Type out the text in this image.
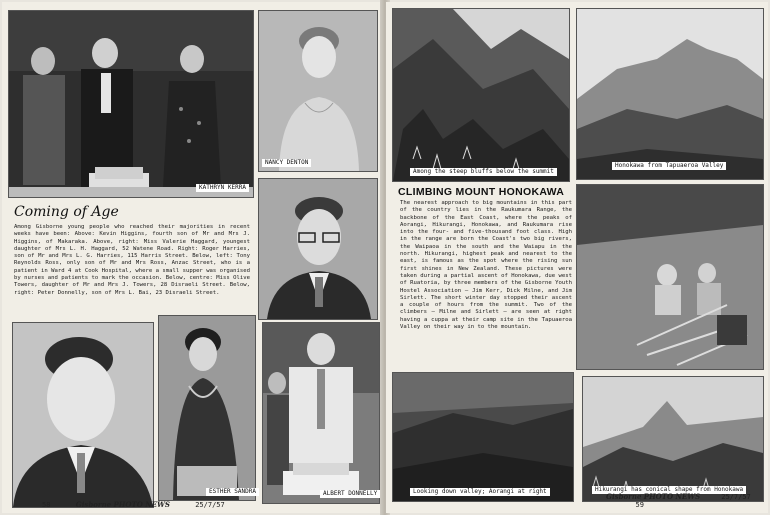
KATHRYN KERRA
NANCY DENTON
Coming of Age
Among Gisborne young people who reached their majorities in recent weeks have been: Above: Kevin Higgins, fourth son of Mr and Mrs J. Higgins, of Makaraka. Above, right: Miss Valerie Haggard, youngest daughter of Mrs L. H. Haggard, 52 Watene Road. Right: Roger Harries, son of Mr and Mrs L. G. Harries, 115 Harris Street. Below, left: Tony Reynolds Ross, only son of Mr and Mrs Ross, Anzac Street, who is a patient in Ward 4 at Cook Hospital, where a small supper was organised by nurses and patients to mark the occasion. Below, centre: Miss Olive Towers, daughter of Mr and Mrs J. Towers, 28 Disraeli Street. Below, right: Peter Donnelly, son of Mrs L. Bai, 23 Disraeli Street.
ESTHER SANDRA	ALBERT DONNELLY
58	Gisborne PHOTO NEWS	25/7/57
Among the steep bluffs below the summit
Honokawa from Tapuaeroa Valley
CLIMBING MOUNT HONOKAWA
The nearest approach to big mountains in this part of the country lies in the Raukumara Range, the backbone of the East Coast, where the peaks of Aorangi, Hikurangi, Honokawa, and Raukumara rise into the four- and five-thousand foot class. High in the range are born the Coast's two big rivers, the Waipaoa in the south and the Waiapu in the north. Hikurangi, highest peak and nearest to the east, is famous as the spot where the rising sun first shines in New Zealand. These pictures were taken during a partial ascent of Honokawa, due west of Ruatoria, by three members of the Gisborne Youth Hostel Association — Jim Kerr, Dick Milne, and Jim Sirlett. The short winter day stopped their ascent a couple of hours from the summit. Two of the climbers — Milne and Sirlett — are seen at right having a cuppa at their camp site in the Tapuaeroa Valley on their way in to the mountain.
Looking down valley; Aorangi at right	Hikurangi has conical shape from Honokawa
Gisborne PHOTO NEWS	25/7/57        59
